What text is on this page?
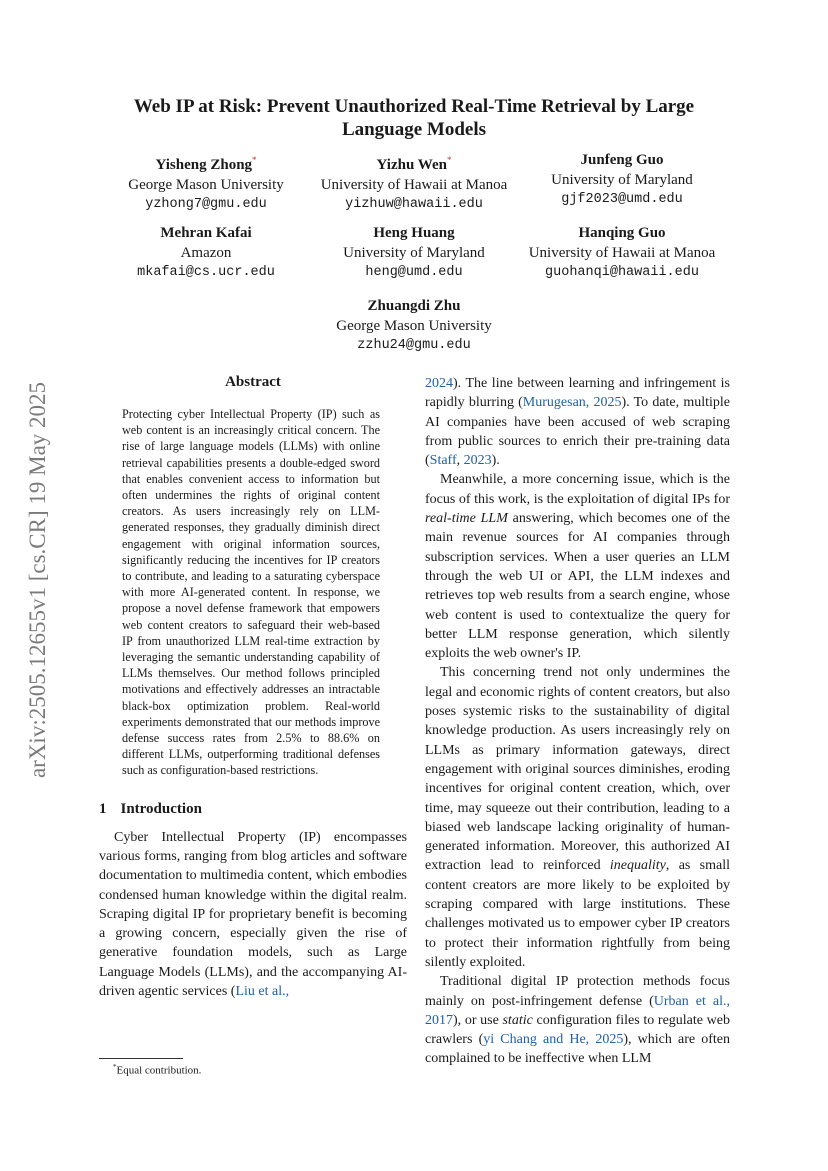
Web IP at Risk: Prevent Unauthorized Real-Time Retrieval by Large Language Models
Yisheng Zhong*
George Mason University
yzhong7@gmu.edu
Yizhu Wen*
University of Hawaii at Manoa
yizhuw@hawaii.edu
Junfeng Guo
University of Maryland
gjf2023@umd.edu
Mehran Kafai
Amazon
mkafai@cs.ucr.edu
Heng Huang
University of Maryland
heng@umd.edu
Hanqing Guo
University of Hawaii at Manoa
guohanqi@hawaii.edu
Zhuangdi Zhu
George Mason University
zzhu24@gmu.edu
arXiv:2505.12655v1 [cs.CR] 19 May 2025	Abstract
Protecting cyber Intellectual Property (IP) such as web content is an increasingly critical concern. The rise of large language models (LLMs) with online retrieval capabilities presents a double-edged sword that enables convenient access to information but often undermines the rights of original content creators. As users increasingly rely on LLM-generated responses, they gradually diminish direct engagement with original information sources, significantly reducing the incentives for IP creators to contribute, and leading to a saturating cyberspace with more AI-generated content. In response, we propose a novel defense framework that empowers web content creators to safeguard their web-based IP from unauthorized LLM real-time extraction by leveraging the semantic understanding capability of LLMs themselves. Our method follows principled motivations and effectively addresses an intractable black-box optimization problem. Real-world experiments demonstrated that our methods improve defense success rates from 2.5% to 88.6% on different LLMs, outperforming traditional defenses such as configuration-based restrictions.
1 Introduction

Cyber Intellectual Property (IP) encompasses various forms, ranging from blog articles and software documentation to multimedia content, which embodies condensed human knowledge within the digital realm. Scraping digital IP for proprietary benefit is becoming a growing concern, especially given the rise of generative foundation models, such as Large Language Models (LLMs), and the accompanying AI-driven agentic services (Liu et al.,

2024). The line between learning and infringement is rapidly blurring (Murugesan, 2025). To date, multiple AI companies have been accused of web scraping from public sources to enrich their pre-training data (Staff, 2023).

Meanwhile, a more concerning issue, which is the focus of this work, is the exploitation of digital IPs for real-time LLM answering, which becomes one of the main revenue sources for AI companies through subscription services. When a user queries an LLM through the web UI or API, the LLM indexes and retrieves top web results from a search engine, whose web content is used to contextualize the query for better LLM response generation, which silently exploits the web owner's IP.

This concerning trend not only undermines the legal and economic rights of content creators, but also poses systemic risks to the sustainability of digital knowledge production. As users increasingly rely on LLMs as primary information gateways, direct engagement with original sources diminishes, eroding incentives for original content creation, which, over time, may squeeze out their contribution, leading to a biased web landscape lacking originality of human-generated information. Moreover, this authorized AI extraction lead to reinforced inequality, as small content creators are more likely to be exploited by scraping compared with large institutions. These challenges motivated us to empower cyber IP creators to protect their information rightfully from being silently exploited.

Traditional digital IP protection methods focus mainly on post-infringement defense (Urban et al., 2017), or use static configuration files to regulate web crawlers (yi Chang and He, 2025), which are often complained to be ineffective when LLM

*Equal contribution.
